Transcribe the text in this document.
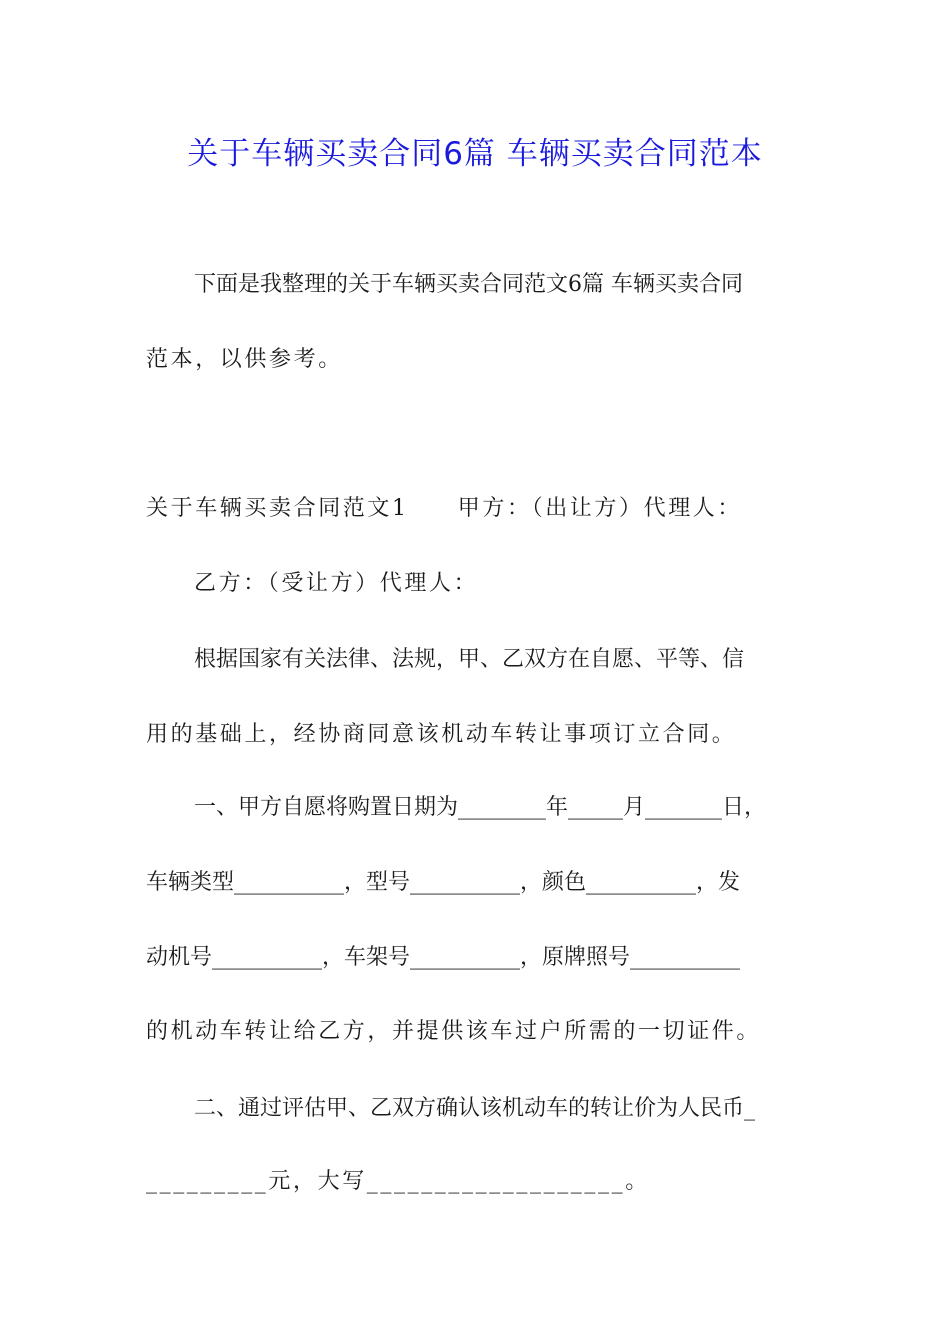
关于车辆买卖合同6篇 车辆买卖合同范本
下面是我整理的关于车辆买卖合同范文6篇 车辆买卖合同
范本，以供参考。
关于车辆买卖合同范文1　　甲方：（出让方）代理人：
乙方：（受让方）代理人：
根据国家有关法律、法规，甲、乙双方在自愿、平等、信
用的基础上，经协商同意该机动车转让事项订立合同。
一、甲方自愿将购置日期为________年_____月_______日，
车辆类型__________，型号__________，颜色__________，发
动机号__________，车架号__________，原牌照号__________
的机动车转让给乙方，并提供该车过户所需的一切证件。
二、通过评估甲、乙双方确认该机动车的转让价为人民币_
_________元，大写___________________。
